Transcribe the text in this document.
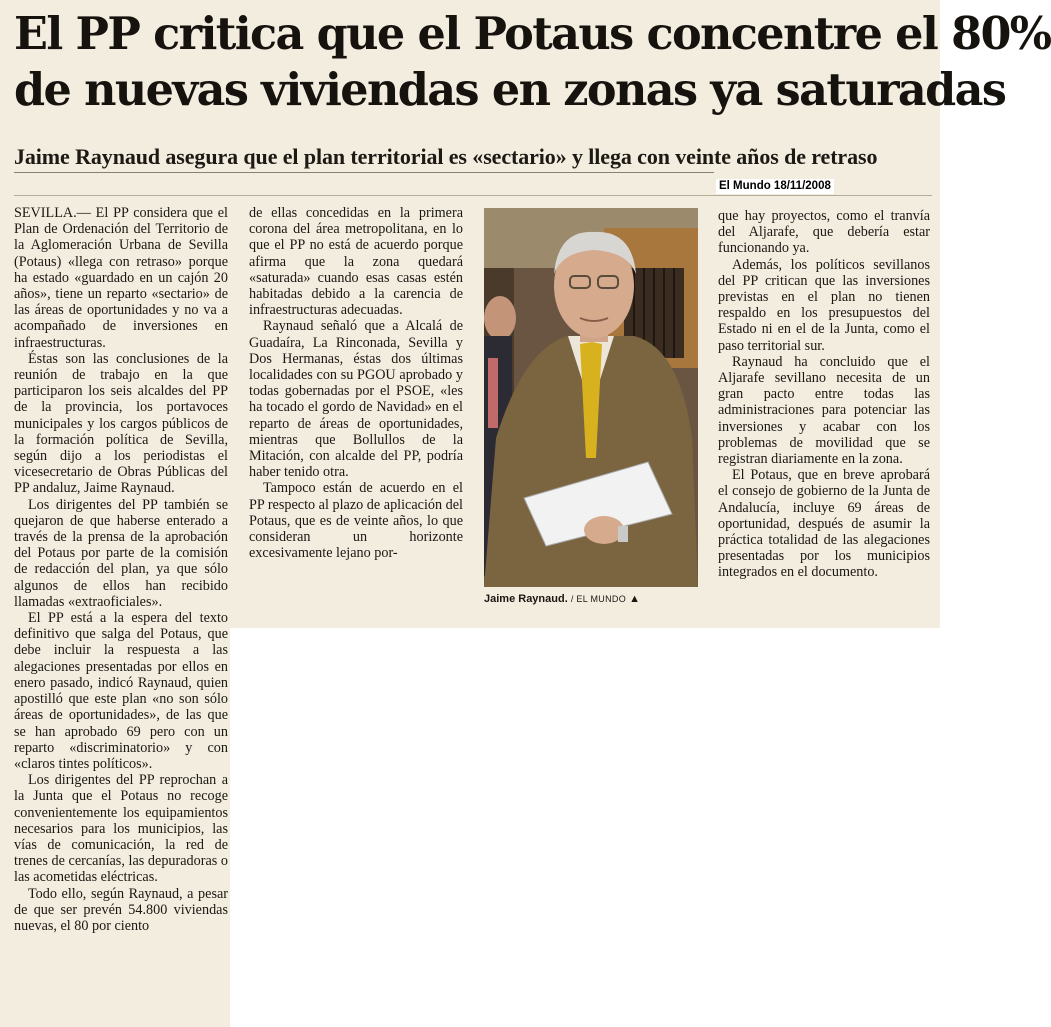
El PP critica que el Potaus concentre el 80%
de nuevas viviendas en zonas ya saturadas
Jaime Raynaud asegura que el plan territorial es «sectario» y llega con veinte años de retraso
El Mundo 18/11/2008

SEVILLA.— El PP considera que el Plan de Ordenación del Territorio de la Aglomeración Urbana de Sevilla (Potaus) «llega con retraso» porque ha estado «guardado en un cajón 20 años», tiene un reparto «sectario» de las áreas de oportunidades y no va a acompañado de inversiones en infraestructuras.

Éstas son las conclusiones de la reunión de trabajo en la que participaron los seis alcaldes del PP de la provincia, los portavoces municipales y los cargos públicos de la formación política de Sevilla, según dijo a los periodistas el vicesecretario de Obras Públicas del PP andaluz, Jaime Raynaud.

Los dirigentes del PP también se quejaron de que haberse enterado a través de la prensa de la aprobación del Potaus por parte de la comisión de redacción del plan, ya que sólo algunos de ellos han recibido llamadas «extraoficiales».

El PP está a la espera del texto definitivo que salga del Potaus, que debe incluir la respuesta a las alegaciones presentadas por ellos en enero pasado, indicó Raynaud, quien apostilló que este plan «no son sólo áreas de oportunidades», de las que se han aprobado 69 pero con un reparto «discriminatorio» y con «claros tintes políticos».

Los dirigentes del PP reprochan a la Junta que el Potaus no recoge convenientemente los equipamientos necesarios para los municipios, las vías de comunicación, la red de trenes de cercanías, las depuradoras o las acometidas eléctricas.

Todo ello, según Raynaud, a pesar de que ser prevén 54.800 viviendas nuevas, el 80 por ciento

de ellas concedidas en la primera corona del área metropolitana, en lo que el PP no está de acuerdo porque afirma que la zona quedará «saturada» cuando esas casas estén habitadas debido a la carencia de infraestructuras adecuadas.

Raynaud señaló que a Alcalá de Guadaíra, La Rinconada, Sevilla y Dos Hermanas, éstas dos últimas localidades con su PGOU aprobado y todas gobernadas por el PSOE, «les ha tocado el gordo de Navidad» en el reparto de áreas de oportunidades, mientras que Bollullos de la Mitación, con alcalde del PP, podría haber tenido otra.

Tampoco están de acuerdo en el PP respecto al plazo de aplicación del Potaus, que es de veinte años, lo que consideran un horizonte excesivamente lejano por-

Jaime Raynaud. / EL MUNDO ▲

que hay proyectos, como el tranvía del Aljarafe, que debería estar funcionando ya.

Además, los políticos sevillanos del PP critican que las inversiones previstas en el plan no tienen respaldo en los presupuestos del Estado ni en el de la Junta, como el paso territorial sur.

Raynaud ha concluido que el Aljarafe sevillano necesita de un gran pacto entre todas las administraciones para potenciar las inversiones y acabar con los problemas de movilidad que se registran diariamente en la zona.

El Potaus, que en breve aprobará el consejo de gobierno de la Junta de Andalucía, incluye 69 áreas de oportunidad, después de asumir la práctica totalidad de las alegaciones presentadas por los municipios integrados en el documento.
